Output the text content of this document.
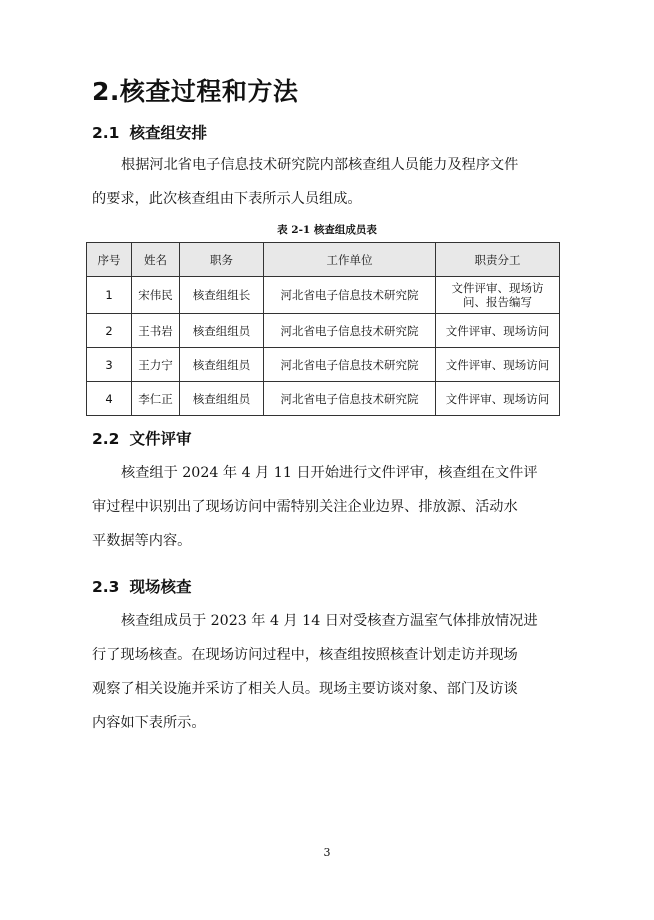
2.核查过程和方法
2.1 核查组安排
根据河北省电子信息技术研究院内部核查组人员能力及程序文件
的要求，此次核查组由下表所示人员组成。
表 2-1 核查组成员表
序号	姓名	职务	工作单位	职责分工
1	宋伟民	核查组组长	河北省电子信息技术研究院	文件评审、现场访问、报告编写
2	王书岩	核查组组员	河北省电子信息技术研究院	文件评审、现场访问
3	王力宁	核查组组员	河北省电子信息技术研究院	文件评审、现场访问
4	李仁正	核查组组员	河北省电子信息技术研究院	文件评审、现场访问
2.2 文件评审
核查组于 2024 年 4 月 11 日开始进行文件评审，核查组在文件评
审过程中识别出了现场访问中需特别关注企业边界、排放源、活动水
平数据等内容。
2.3 现场核查
核查组成员于 2023 年 4 月 14 日对受核查方温室气体排放情况进
行了现场核查。在现场访问过程中，核查组按照核查计划走访并现场
观察了相关设施并采访了相关人员。现场主要访谈对象、部门及访谈
内容如下表所示。
3
